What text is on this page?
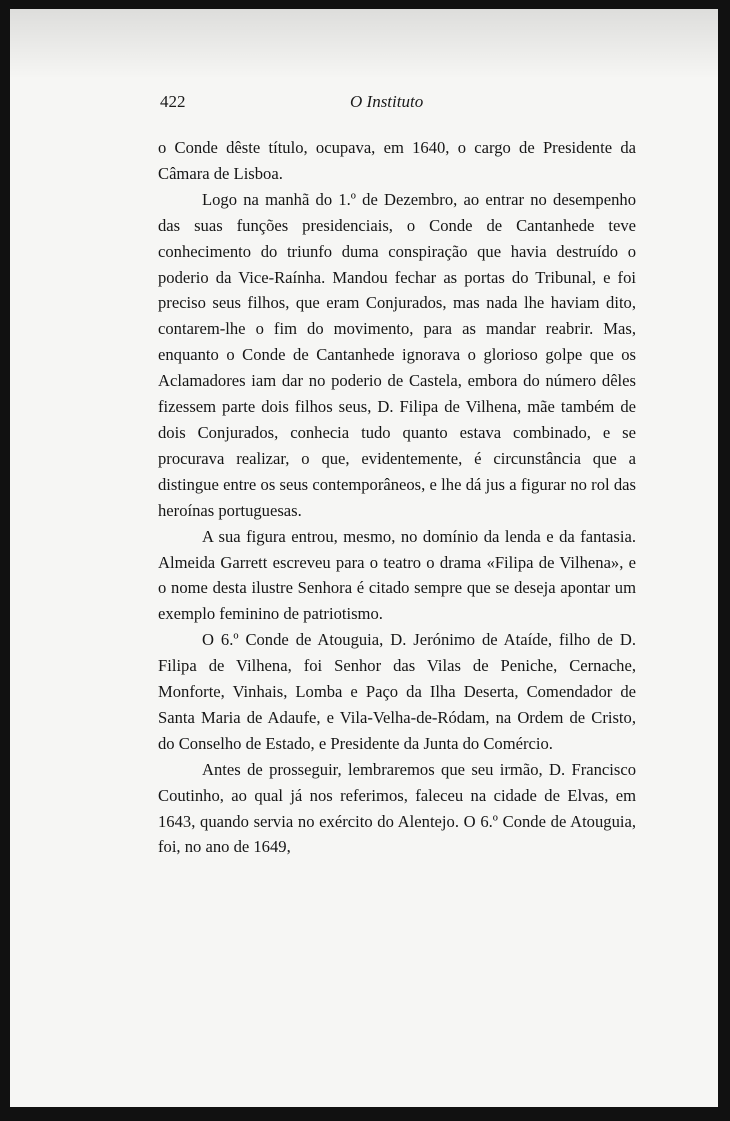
422	O Instituto

o Conde dêste título, ocupava, em 1640, o cargo de Presidente da Câmara de Lisboa.

Logo na manhã do 1.º de Dezembro, ao entrar no desempenho das suas funções presidenciais, o Conde de Cantanhede teve conhecimento do triunfo duma conspiração que havia destruído o poderio da Vice-Raínha. Mandou fechar as portas do Tribunal, e foi preciso seus filhos, que eram Conjurados, mas nada lhe haviam dito, contarem-lhe o fim do movimento, para as mandar reabrir. Mas, enquanto o Conde de Cantanhede ignorava o glorioso golpe que os Aclamadores iam dar no poderio de Castela, embora do número dêles fizessem parte dois filhos seus, D. Filipa de Vilhena, mãe também de dois Conjurados, conhecia tudo quanto estava combinado, e se procurava realizar, o que, evidentemente, é circunstância que a distingue entre os seus contemporâneos, e lhe dá jus a figurar no rol das heroínas portuguesas.

A sua figura entrou, mesmo, no domínio da lenda e da fantasia. Almeida Garrett escreveu para o teatro o drama «Filipa de Vilhena», e o nome desta ilustre Senhora é citado sempre que se deseja apontar um exemplo feminino de patriotismo.

O 6.º Conde de Atouguia, D. Jerónimo de Ataíde, filho de D. Filipa de Vilhena, foi Senhor das Vilas de Peniche, Cernache, Monforte, Vinhais, Lomba e Paço da Ilha Deserta, Comendador de Santa Maria de Adaufe, e Vila-Velha-de-Ródam, na Ordem de Cristo, do Conselho de Estado, e Presidente da Junta do Comércio.

Antes de prosseguir, lembraremos que seu irmão, D. Francisco Coutinho, ao qual já nos referimos, faleceu na cidade de Elvas, em 1643, quando servia no exército do Alentejo. O 6.º Conde de Atouguia, foi, no ano de 1649,
